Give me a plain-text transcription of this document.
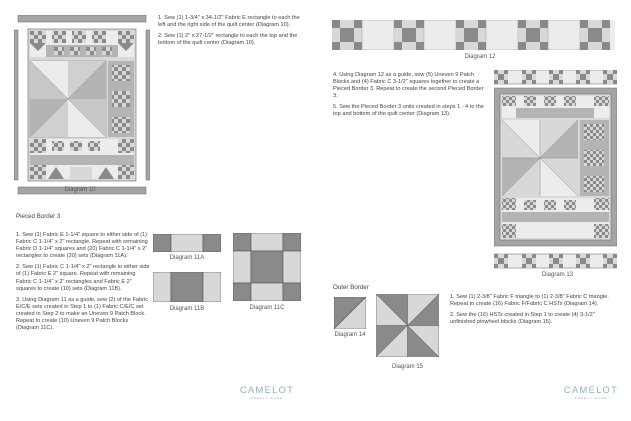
Diagram 10

1. Sew (1) 1-3/4" x 34-1/2" Fabric E rectangle to each the left and the right side of the quilt center (Diagram 10).

2. Sew (1) 2" x 27-1/2" rectangle to each the top and the bottom of the quilt center (Diagram 10).

Pieced Border 3

1. Sew (1) Fabric E 1-1/4" square to either side of (1) Fabric C 1-1/4" x 2" rectangle. Repeat with remaining Fabric D 1-1/4" squares and (20) Fabric C 1-1/4" x 2" rectangles to create (20) sets (Diagram 11A).

2. Sew (1) Fabric C 1-1/4" x 2" rectangle to either side of (1) Fabric E 2" square. Repeat with remaining Fabric C 1-1/4" x 2" rectangles and Fabric E 2" squares to create (10) sets (Diagram 11B).

3. Using Diagram 11 as a guide, sew (2) of the Fabric E/C/E sets created in Step 1 to (1) Fabric C/E/C set created in Step 2 to make an Uneven 9 Patch Block. Repeat to create (10) Uneven 9 Patch Blocks (Diagram 11C).

Diagram 11A
Diagram 11B	Diagram 11C
CAMELOT
FREELY MADE
Diagram 12

4. Using Diagram 12 as a guide, sew (5) Uneven 9 Patch Blocks and (4) Fabric C 3-1/2" squares together to create a Pieced Border 3. Repeat to create the second Pieced Border 3.

5. Sew the Pieced Border 3 units created in steps 1 - 4 to the top and bottom of the quilt center (Diagram 13).

Diagram 13
Outer Border
Diagram 14
Diagram 15

1. Sew (1) 2-3/8" Fabric F triangle to (1) 2-3/8" Fabric C triangle. Repeat to create (16) Fabric F/Fabric C HSTs (Diagram 14).

2. Sew the (16) HSTs created in Step 1 to create (4) 3-1/2" unfinished pinwheel blocks (Diagram 15).

CAMELOT
FREELY MADE
